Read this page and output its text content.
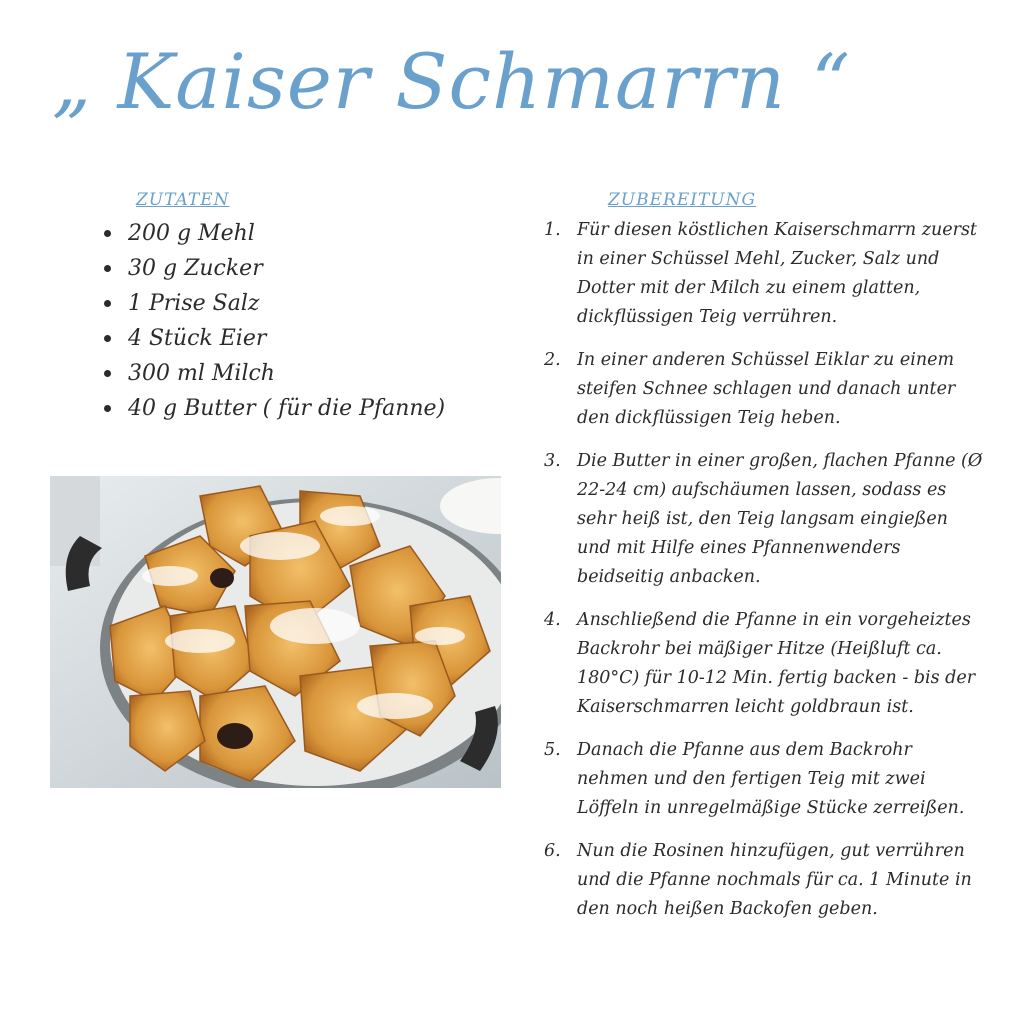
„ Kaiser Schmarrn “
ZUTATEN
200 g Mehl
30 g Zucker
1 Prise Salz
4 Stück Eier
300 ml Milch
40 g Butter ( für die Pfanne)
ZUBEREITUNG
1. Für diesen köstlichen Kaiserschmarrn zuerst in einer Schüssel Mehl, Zucker, Salz und Dotter mit der Milch zu einem glatten, dickflüssigen Teig verrühren.
2. In einer anderen Schüssel Eiklar zu einem steifen Schnee schlagen und danach unter den dickflüssigen Teig heben.
3. Die Butter in einer großen, flachen Pfanne (Ø 22-24 cm) aufschäumen lassen, sodass es sehr heiß ist, den Teig langsam eingießen und mit Hilfe eines Pfannenwenders beidseitig anbacken.
4. Anschließend die Pfanne in ein vorgeheiztes Backrohr bei mäßiger Hitze (Heißluft ca. 180°C) für 10-12 Min. fertig backen - bis der Kaiserschmarren leicht goldbraun ist.
5. Danach die Pfanne aus dem Backrohr nehmen und den fertigen Teig mit zwei Löffeln in unregelmäßige Stücke zerreißen.
6. Nun die Rosinen hinzufügen, gut verrühren und die Pfanne nochmals für ca. 1 Minute in den noch heißen Backofen geben.
